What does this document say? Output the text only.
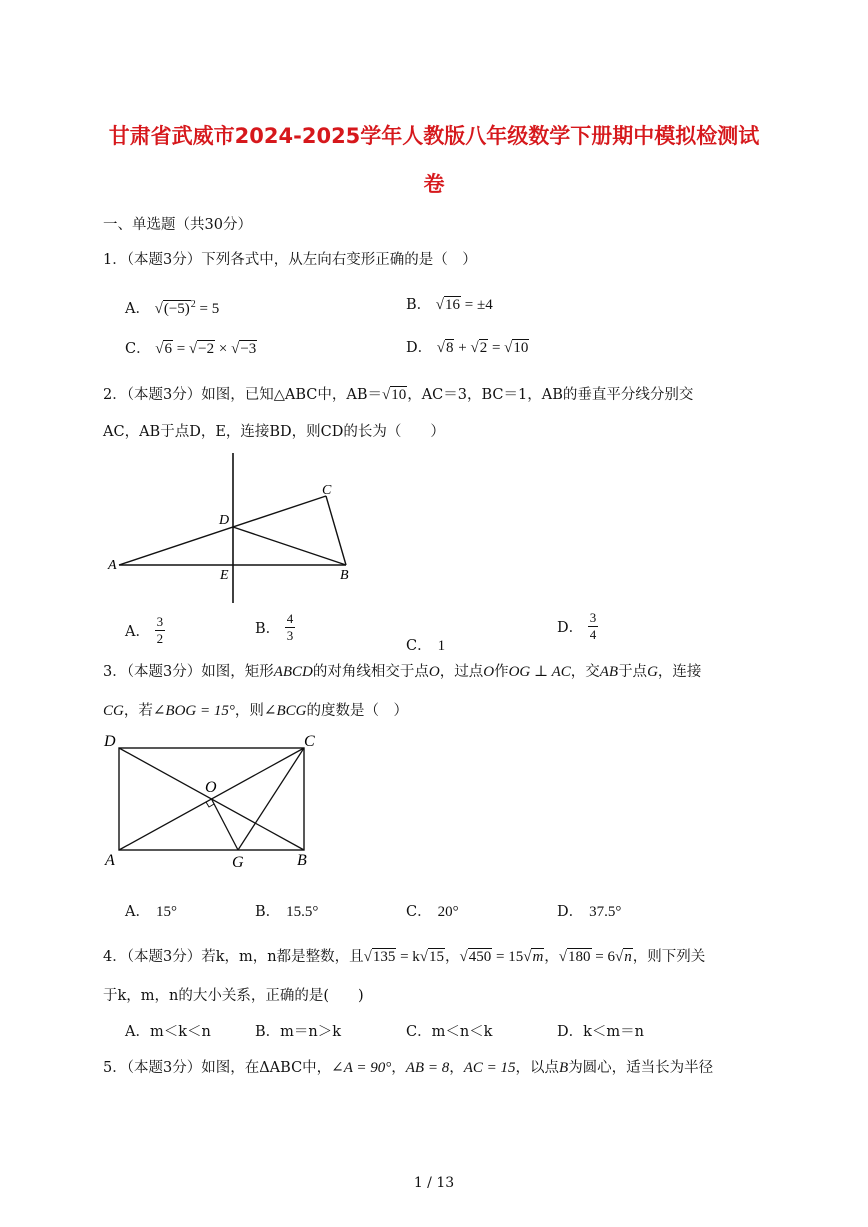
甘肃省武威市2024-2025学年人教版八年级数学下册期中模拟检测试
卷
一、单选题（共30分）
1．（本题3分）下列各式中，从左向右变形正确的是（　）
A． $√(-5)^2 = 5$	B． √16 = ±4
C． √6 = √−2 × √−3	D． √8 + √2 = √10
2．（本题3分）如图，已知△ABC中，AB＝√10，AC＝3，BC＝1，AB的垂直平分线分别交
AC，AB于点D，E，连接BD，则CD的长为（　　）
A
B
C
D
E
A． $\frac{3}{2}$	B． $\frac{4}{3}$
C． 1
D． $\frac{3}{4}$
3．（本题3分）如图，矩形ABCD的对角线相交于点O，过点O作OG ⊥ AC，交AB于点G，连接
CG，若∠BOG = 15°，则∠BCG的度数是（　）
D	C
A	B
O
G
A． 15°	B． 15.5°	C． 20°	D． 37.5°
4．（本题3分）若k，m，n都是整数，且√135 = k√15，√450 = 15√m，√180 = 6√n，则下列关
于k，m，n的大小关系，正确的是(　　)
A．m＜k＜n	B．m＝n＞k	C．m＜n＜k	D．k＜m＝n
5．（本题3分）如图，在ΔABC中，∠A = 90°，AB = 8，AC = 15，以点B为圆心，适当长为半径
1 / 13
